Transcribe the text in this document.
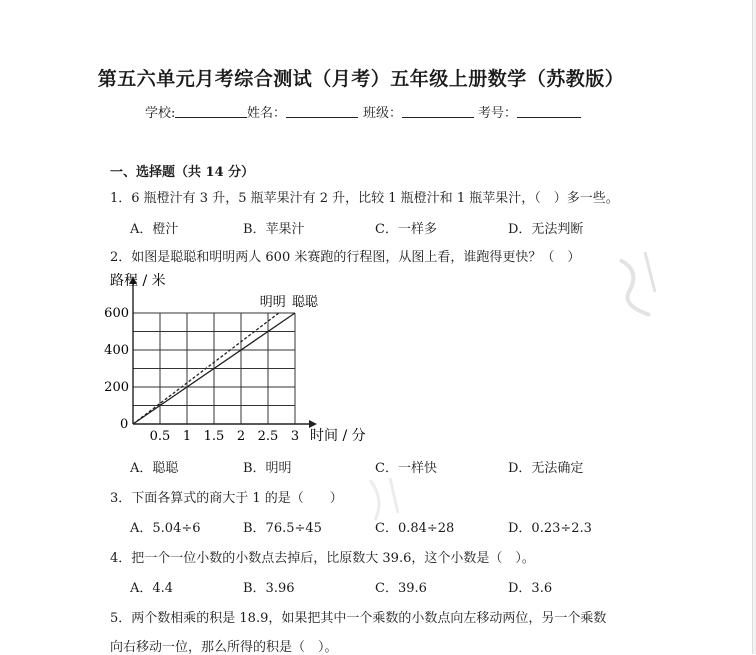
第五六单元月考综合测试（月考）五年级上册数学（苏教版）
学校:	姓名：	班级：	考号：
一、选择题（共 14 分）
1．6 瓶橙汁有 3 升，5 瓶苹果汁有 2 升，比较 1 瓶橙汁和 1 瓶苹果汁，（　）多一些。
A．橙汁	B．苹果汁	C．一样多	D．无法判断
2．如图是聪聪和明明两人 600 米赛跑的行程图，从图上看，谁跑得更快？（　）
0
0.5 1 1.5 2 2.5 3
200
400
600
明明 聪聪
路程 / 米
时间 / 分
A．聪聪	B．明明	C．一样快	D．无法确定
3．下面各算式的商大于 1 的是（　　）
A．5.04÷6	B．76.5÷45	C．0.84÷28	D．0.23÷2.3
4．把一个一位小数的小数点去掉后，比原数大 39.6，这个小数是（　）。
A．4.4	B．3.96	C．39.6	D．3.6
5．两个数相乘的积是 18.9，如果把其中一个乘数的小数点向左移动两位，另一个乘数
向右移动一位，那么所得的积是（　）。
